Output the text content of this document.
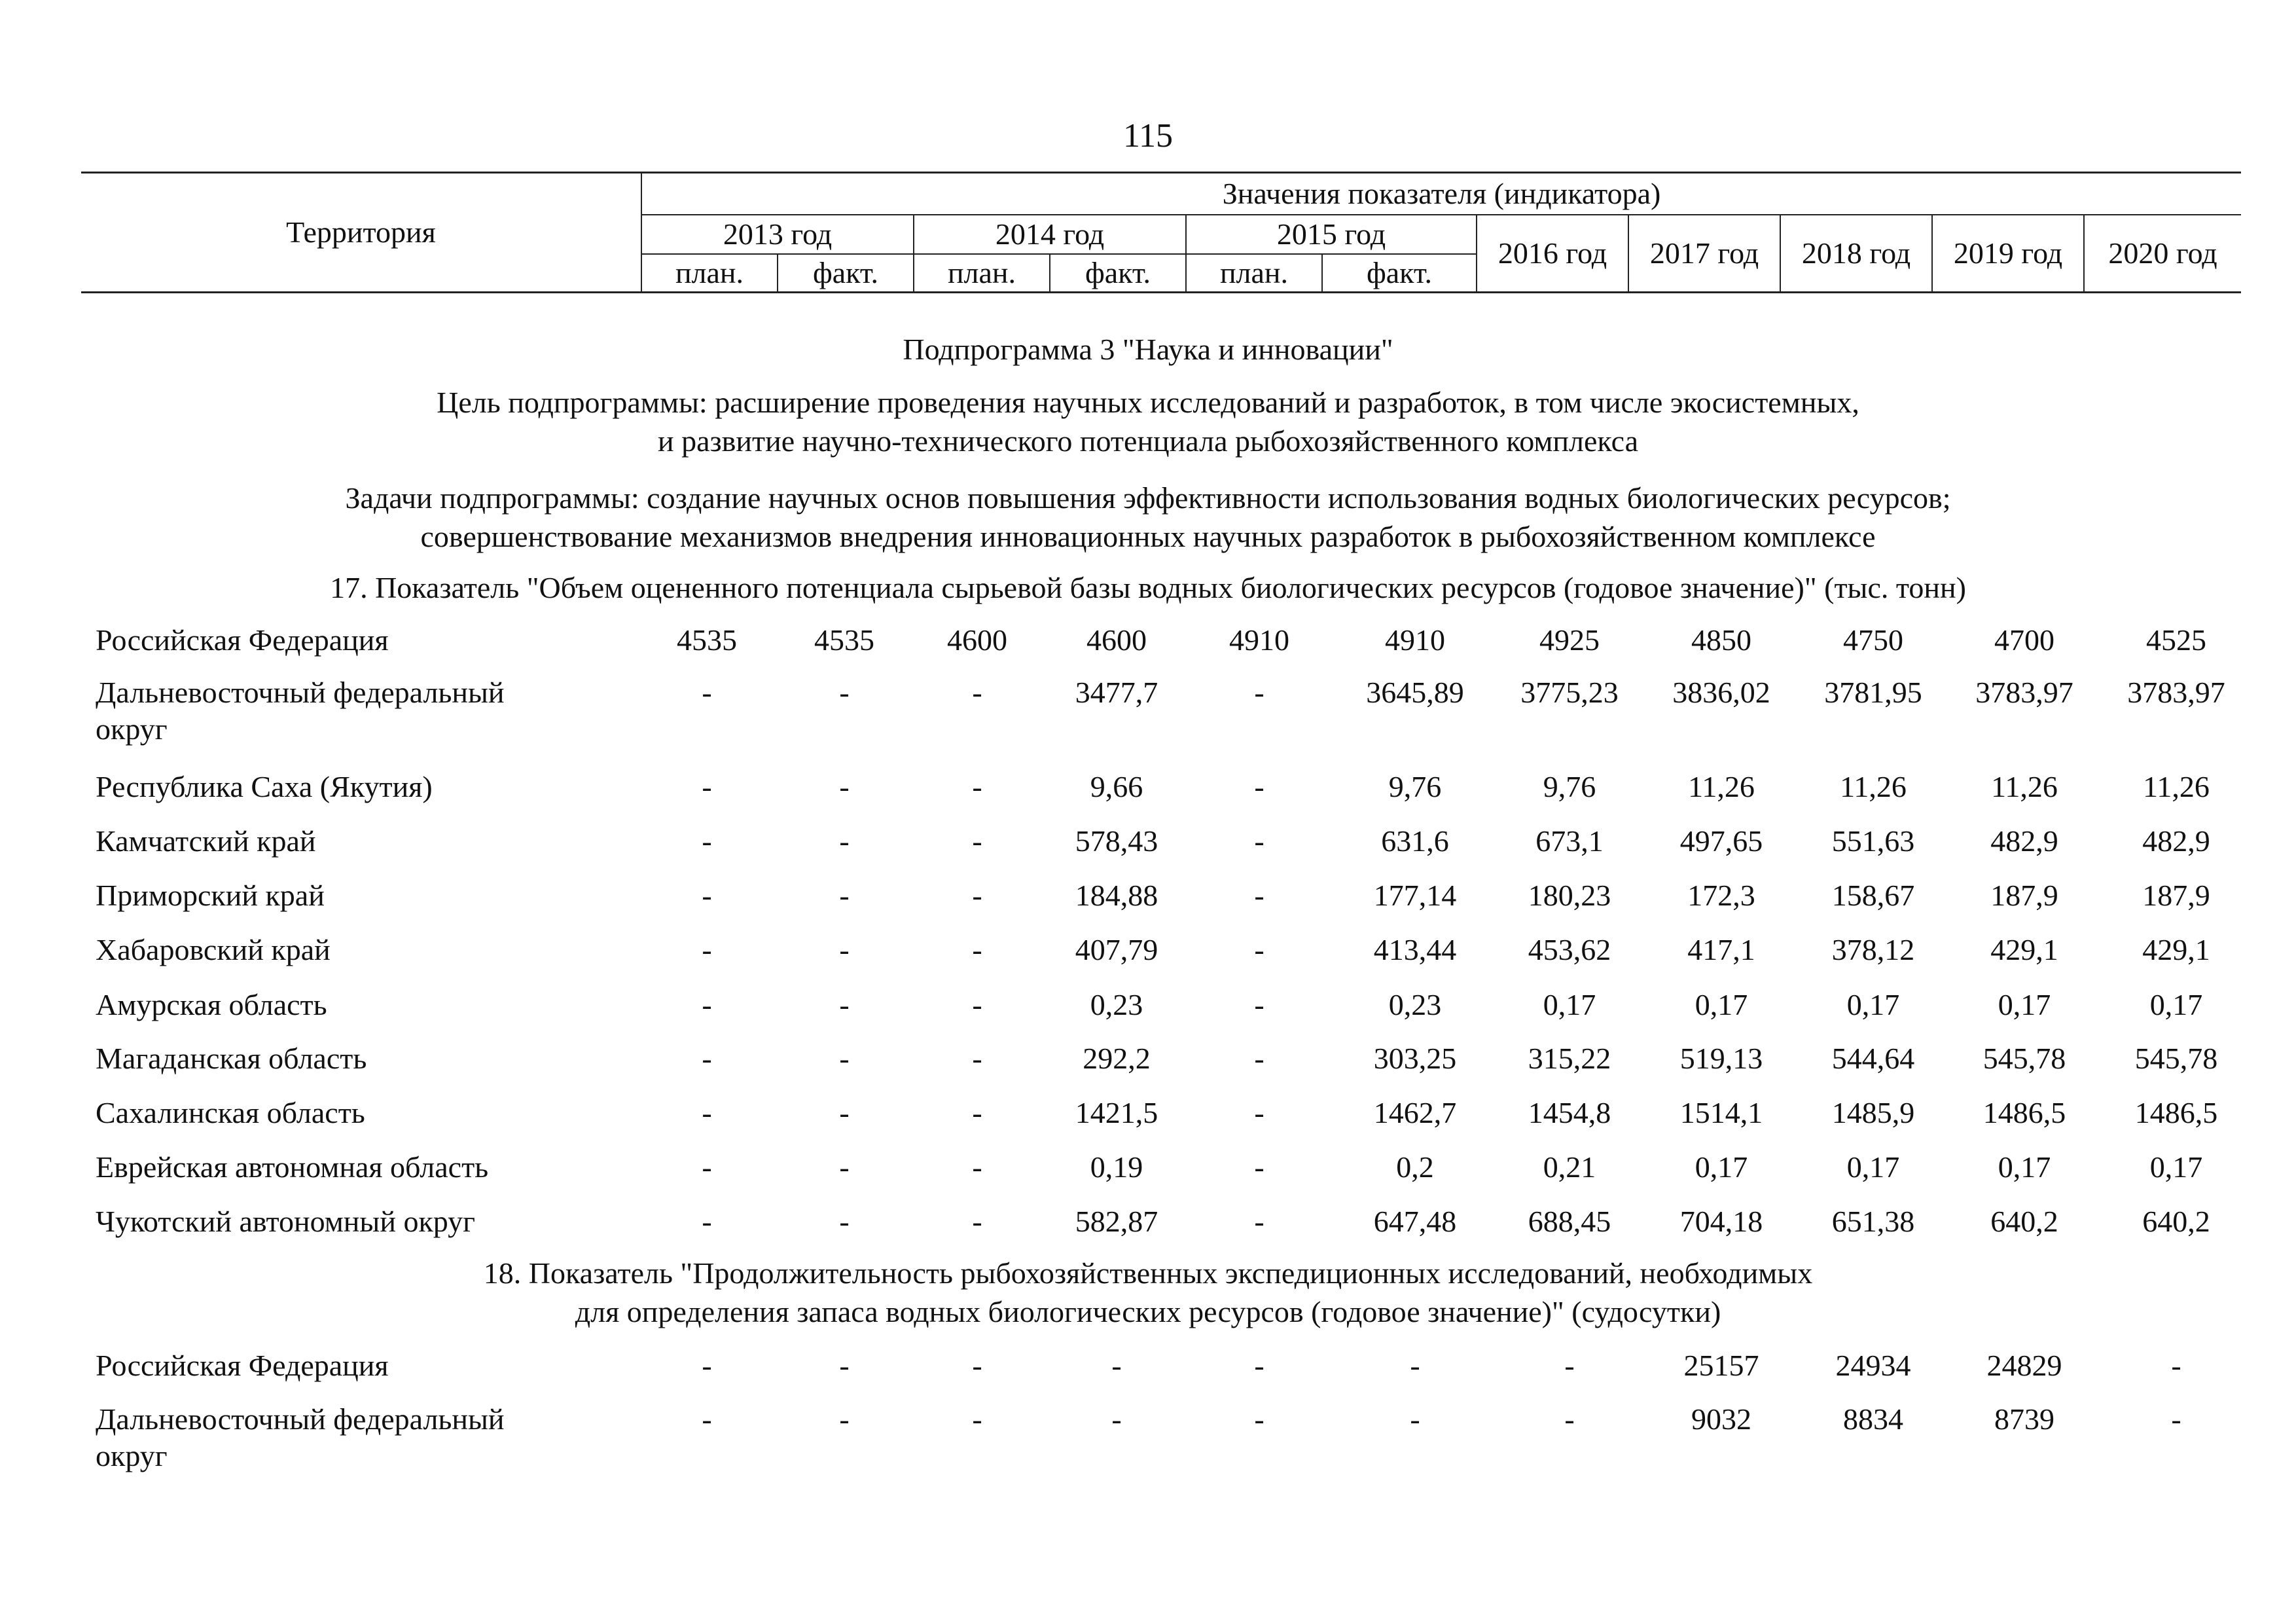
115
Территория	Значения показателя (индикатора)										
	2013 год		2014 год		2015 год		2016 год	2017 год	2018 год	2019 год	2020 год
	план.	факт.	план.	факт.	план.	факт.					
Подпрограмма 3 "Наука и инновации"
Цель подпрограммы: расширение проведения научных исследований и разработок, в том числе экосистемных,
и развитие научно-технического потенциала рыбохозяйственного комплекса
Задачи подпрограммы: создание научных основ повышения эффективности использования водных биологических ресурсов;
совершенствование механизмов внедрения инновационных научных разработок в рыбохозяйственном комплексе
17. Показатель "Объем оцененного потенциала сырьевой базы водных биологических ресурсов (годовое значение)" (тыс. тонн)
Российская Федерация	4535	4535	4600	4600	4910	4910	4925	4850	4750	4700	4525
Дальневосточный федеральный
округ
-	-	-	3477,7	-	3645,89	3775,23	3836,02	3781,95	3783,97	3783,97
Республика Саха (Якутия)	-	-	-	9,66	-	9,76	9,76	11,26	11,26	11,26	11,26
Камчатский край	-	-	-	578,43	-	631,6	673,1	497,65	551,63	482,9	482,9
Приморский край	-	-	-	184,88	-	177,14	180,23	172,3	158,67	187,9	187,9
Хабаровский край	-	-	-	407,79	-	413,44	453,62	417,1	378,12	429,1	429,1
Амурская область	-	-	-	0,23	-	0,23	0,17	0,17	0,17	0,17	0,17
Магаданская область	-	-	-	292,2	-	303,25	315,22	519,13	544,64	545,78	545,78
Сахалинская область	-	-	-	1421,5	-	1462,7	1454,8	1514,1	1485,9	1486,5	1486,5
Еврейская автономная область	-	-	-	0,19	-	0,2	0,21	0,17	0,17	0,17	0,17
Чукотский автономный округ	-	-	-	582,87	-	647,48	688,45	704,18	651,38	640,2	640,2
18. Показатель "Продолжительность рыбохозяйственных экспедиционных исследований, необходимых
для определения запаса водных биологических ресурсов (годовое значение)" (судосутки)
Российская Федерация	-	-	-	-	-	-	-	25157	24934	24829	-
Дальневосточный федеральный
округ
-	-	-	-	-	-	-	9032	8834	8739	-
